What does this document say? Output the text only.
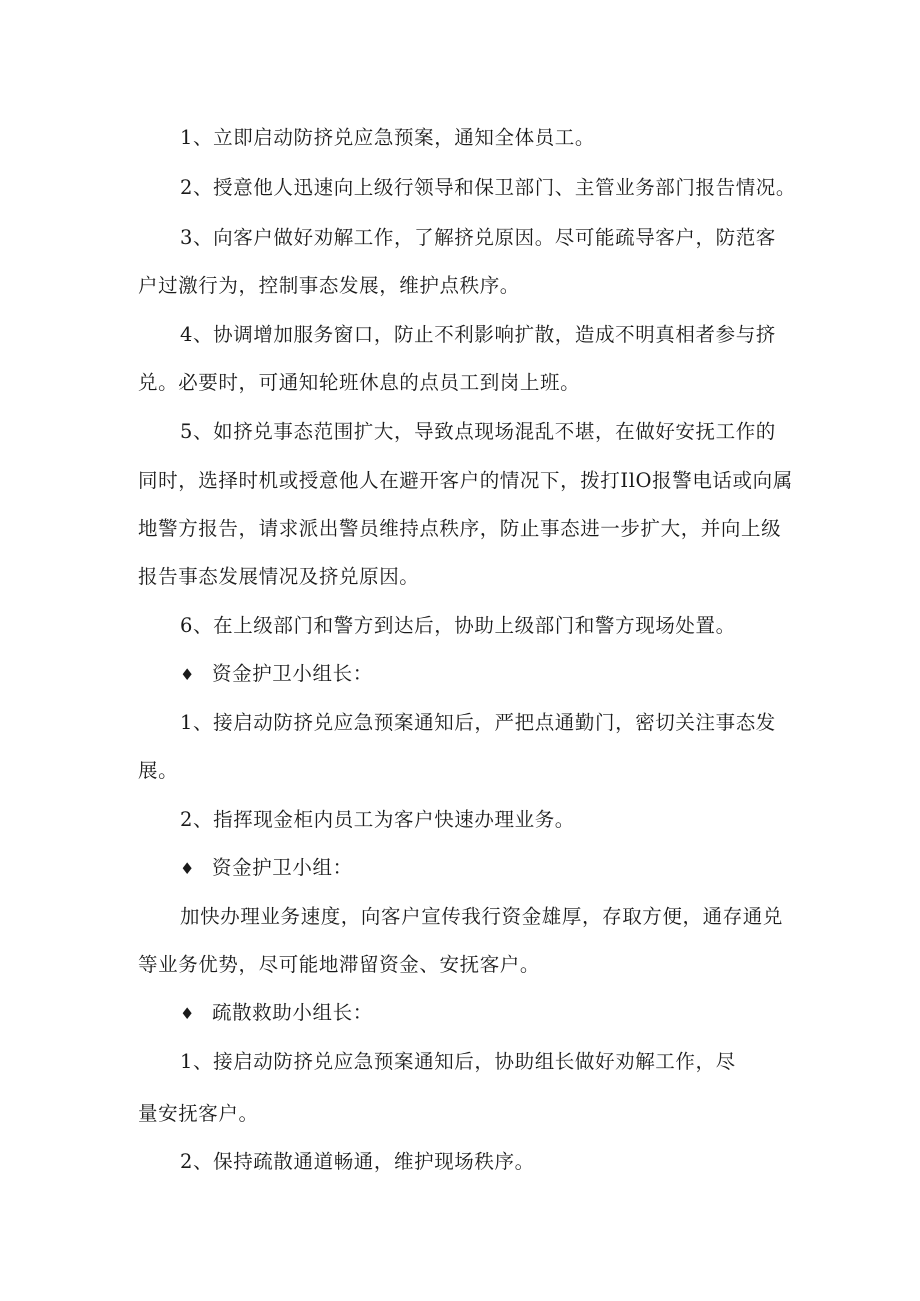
1、立即启动防挤兑应急预案，通知全体员工。
2、授意他人迅速向上级行领导和保卫部门、主管业务部门报告情况。
3、向客户做好劝解工作，了解挤兑原因。尽可能疏导客户，防范客
户过激行为，控制事态发展，维护点秩序。
4、协调增加服务窗口，防止不利影响扩散，造成不明真相者参与挤
兑。必要时，可通知轮班休息的点员工到岗上班。
5、如挤兑事态范围扩大，导致点现场混乱不堪，在做好安抚工作的
同时，选择时机或授意他人在避开客户的情况下，拨打IlO报警电话或向属
地警方报告，请求派出警员维持点秩序，防止事态进一步扩大，并向上级
报告事态发展情况及挤兑原因。
6、在上级部门和警方到达后，协助上级部门和警方现场处置。
♦ 资金护卫小组长：
1、接启动防挤兑应急预案通知后，严把点通勤门，密切关注事态发
展。
2、指挥现金柜内员工为客户快速办理业务。
♦ 资金护卫小组：
加快办理业务速度，向客户宣传我行资金雄厚，存取方便，通存通兑
等业务优势，尽可能地滞留资金、安抚客户。
♦ 疏散救助小组长：
1、接启动防挤兑应急预案通知后，协助组长做好劝解工作，尽
量安抚客户。
2、保持疏散通道畅通，维护现场秩序。
